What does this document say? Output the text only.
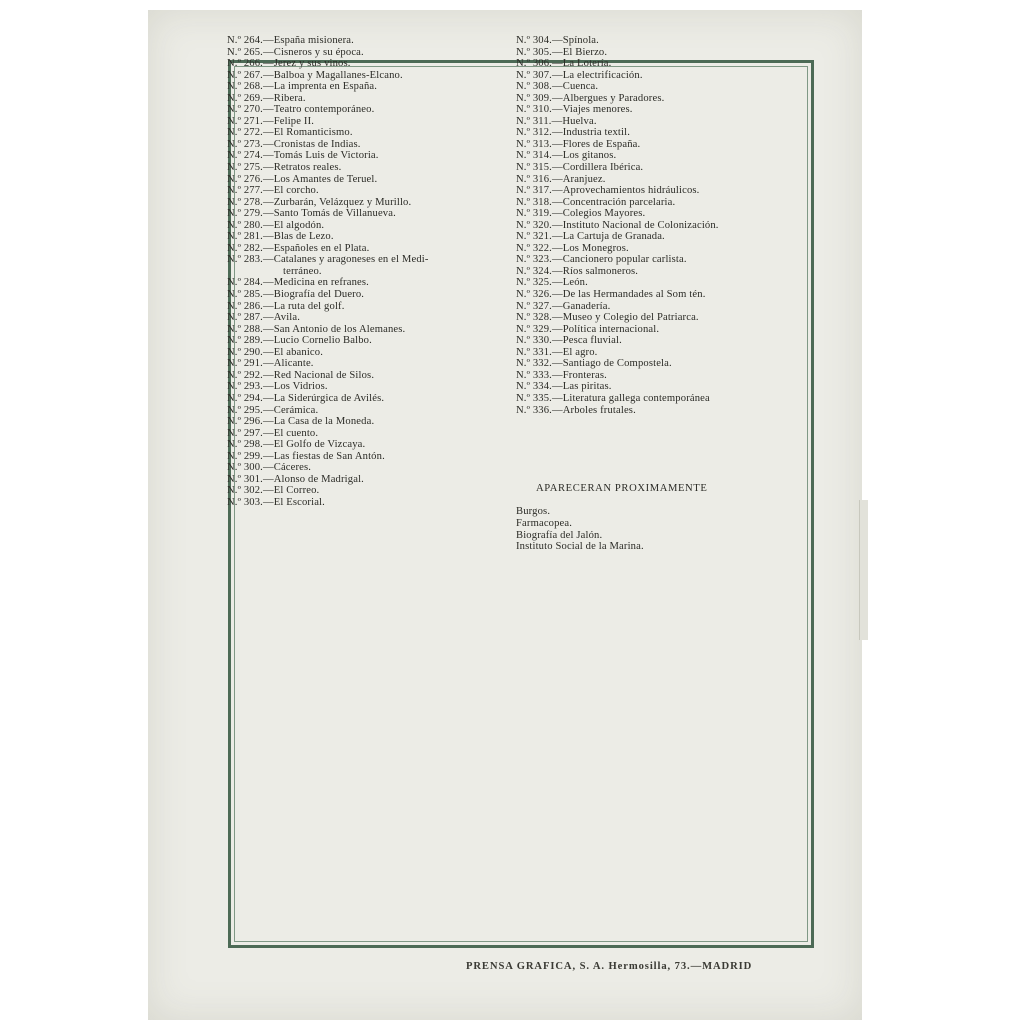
N.º 264. —España misionera.
N.º 265. —Cisneros y su época.
N.º 266. —Jerez y sus vinos.
N.º 267. —Balboa y Magallanes-Elcano.
N.º 268. —La imprenta en España.
N.º 269. —Ribera.
N.º 270. —Teatro contemporáneo.
N.º 271. —Felipe II.
N.º 272. —El Romanticismo.
N.º 273. —Cronistas de Indias.
N.º 274. —Tomás Luis de Victoria.
N.º 275. —Retratos reales.
N.º 276. —Los Amantes de Teruel.
N.º 277. —El corcho.
N.º 278. —Zurbarán, Velázquez y Murillo.
N.º 279. —Santo Tomás de Villanueva.
N.º 280. —El algodón.
N.º 281. —Blas de Lezo.
N.º 282. —Españoles en el Plata.
N.º 283. —Catalanes y aragoneses en el Medi-
terráneo.
N.º 284. —Medicina en refranes.
N.º 285. —Biografía del Duero.
N.º 286. —La ruta del golf.
N.º 287. —Avila.
N.º 288. —San Antonio de los Alemanes.
N.º 289. —Lucio Cornelio Balbo.
N.º 290. —El abanico.
N.º 291. —Alicante.
N.º 292. —Red Nacional de Silos.
N.º 293. —Los Vidrios.
N.º 294. —La Siderúrgica de Avilés.
N.º 295. —Cerámica.
N.º 296. —La Casa de la Moneda.
N.º 297. —El cuento.
N.º 298. —El Golfo de Vizcaya.
N.º 299. —Las fiestas de San Antón.
N.º 300. —Cáceres.
N.º 301. —Alonso de Madrigal.
N.º 302. —El Correo.
N.º 303. —El Escorial.
N.º 304. —Spínola.
N.º 305. —El Bierzo.
N.º 306. —La Lotería.
N.º 307. —La electrificación.
N.º 308. —Cuenca.
N.º 309. —Albergues y Paradores.
N.º 310. —Viajes menores.
N.º 311. —Huelva.
N.º 312. —Industria textil.
N.º 313. —Flores de España.
N.º 314. —Los gitanos.
N.º 315. —Cordillera Ibérica.
N.º 316. —Aranjuez.
N.º 317. —Aprovechamientos hidráulicos.
N.º 318. —Concentración parcelaria.
N.º 319. —Colegios Mayores.
N.º 320. —Instituto Nacional de Colonización.
N.º 321. —La Cartuja de Granada.
N.º 322. —Los Monegros.
N.º 323. —Cancionero popular carlista.
N.º 324. —Ríos salmoneros.
N.º 325. —León.
N.º 326. —De las Hermandades al Som tén.
N.º 327. —Ganadería.
N.º 328. —Museo y Colegio del Patriarca.
N.º 329. —Política internacional.
N.º 330. —Pesca fluvial.
N.º 331. —El agro.
N.º 332. —Santiago de Compostela.
N.º 333. —Fronteras.
N.º 334. —Las piritas.
N.º 335. —Literatura gallega contemporánea
N.º 336. —Arboles frutales.
APARECERAN PROXIMAMENTE
Burgos.
Farmacopea.
Biografía del Jalón.
Instituto Social de la Marina.
PRENSA GRAFICA, S. A. Hermosilla, 73.—MADRID
